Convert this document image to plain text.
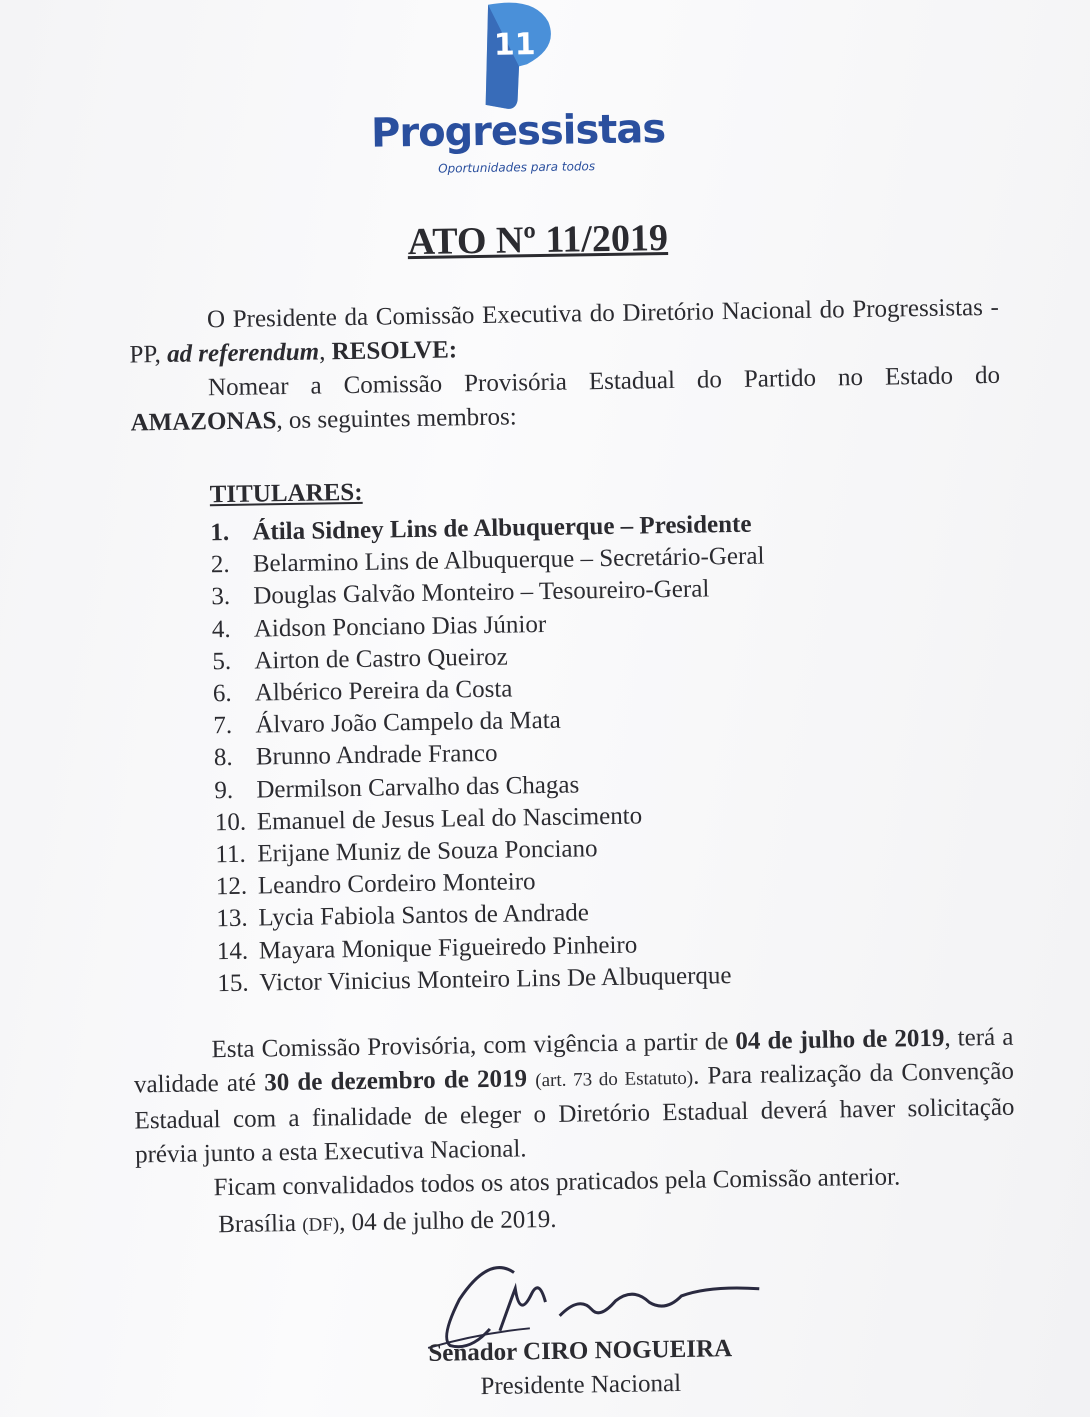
11
Progressistas
Oportunidades para todos
ATO Nº 11/2019
O Presidente da Comissão Executiva do Diretório Nacional do Progressistas - PP, ad referendum, RESOLVE:
Nomear a Comissão Provisória Estadual do Partido no Estado do AMAZONAS, os seguintes membros:
TITULARES:
1. Átila Sidney Lins de Albuquerque – Presidente
2. Belarmino Lins de Albuquerque – Secretário-Geral
3. Douglas Galvão Monteiro – Tesoureiro-Geral
4. Aidson Ponciano Dias Júnior
5. Airton de Castro Queiroz
6. Albérico Pereira da Costa
7. Álvaro João Campelo da Mata
8. Brunno Andrade Franco
9. Dermilson Carvalho das Chagas
10. Emanuel de Jesus Leal do Nascimento
11. Erijane Muniz de Souza Ponciano
12. Leandro Cordeiro Monteiro
13. Lycia Fabiola Santos de Andrade
14. Mayara Monique Figueiredo Pinheiro
15. Victor Vinicius Monteiro Lins De Albuquerque
Esta Comissão Provisória, com vigência a partir de 04 de julho de 2019, terá a validade até 30 de dezembro de 2019 (art. 73 do Estatuto). Para realização da Convenção Estadual com a finalidade de eleger o Diretório Estadual deverá haver solicitação prévia junto a esta Executiva Nacional.
Ficam convalidados todos os atos praticados pela Comissão anterior.
Brasília (DF), 04 de julho de 2019.
Senador CIRO NOGUEIRA
Presidente Nacional
